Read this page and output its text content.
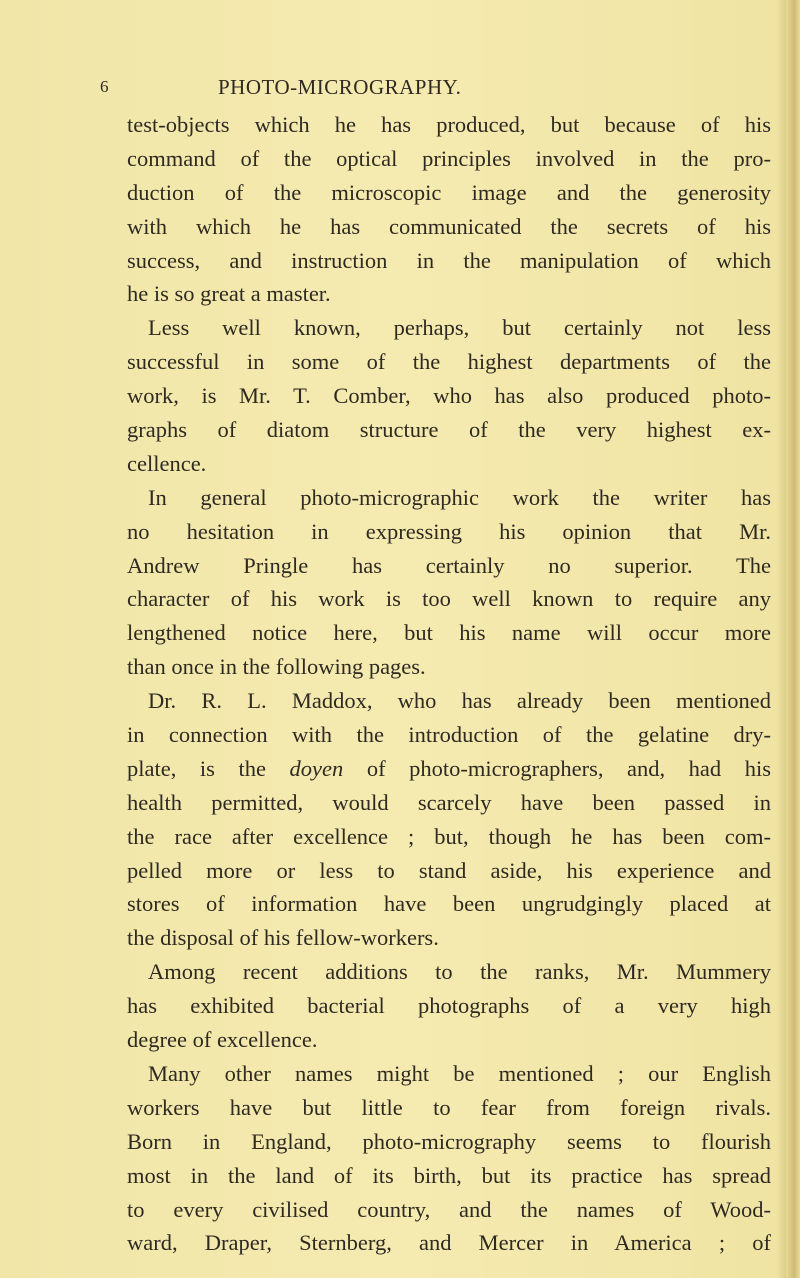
6	PHOTO-MICROGRAPHY.
test-objects which he has produced, but because of his
command of the optical principles involved in the pro-
duction of the microscopic image and the generosity
with which he has communicated the secrets of his
success, and instruction in the manipulation of which
he is so great a master.
Less well known, perhaps, but certainly not less
successful in some of the highest departments of the
work, is Mr. T. Comber, who has also produced photo-
graphs of diatom structure of the very highest ex-
cellence.
In general photo-micrographic work the writer has
no hesitation in expressing his opinion that Mr.
Andrew Pringle has certainly no superior. The
character of his work is too well known to require any
lengthened notice here, but his name will occur more
than once in the following pages.
Dr. R. L. Maddox, who has already been mentioned
in connection with the introduction of the gelatine dry-
plate, is the doyen of photo-micrographers, and, had his
health permitted, would scarcely have been passed in
the race after excellence ; but, though he has been com-
pelled more or less to stand aside, his experience and
stores of information have been ungrudgingly placed at
the disposal of his fellow-workers.
Among recent additions to the ranks, Mr. Mummery
has exhibited bacterial photographs of a very high
degree of excellence.
Many other names might be mentioned ; our English
workers have but little to fear from foreign rivals.
Born in England, photo-micrography seems to flourish
most in the land of its birth, but its practice has spread
to every civilised country, and the names of Wood-
ward, Draper, Sternberg, and Mercer in America ; of
